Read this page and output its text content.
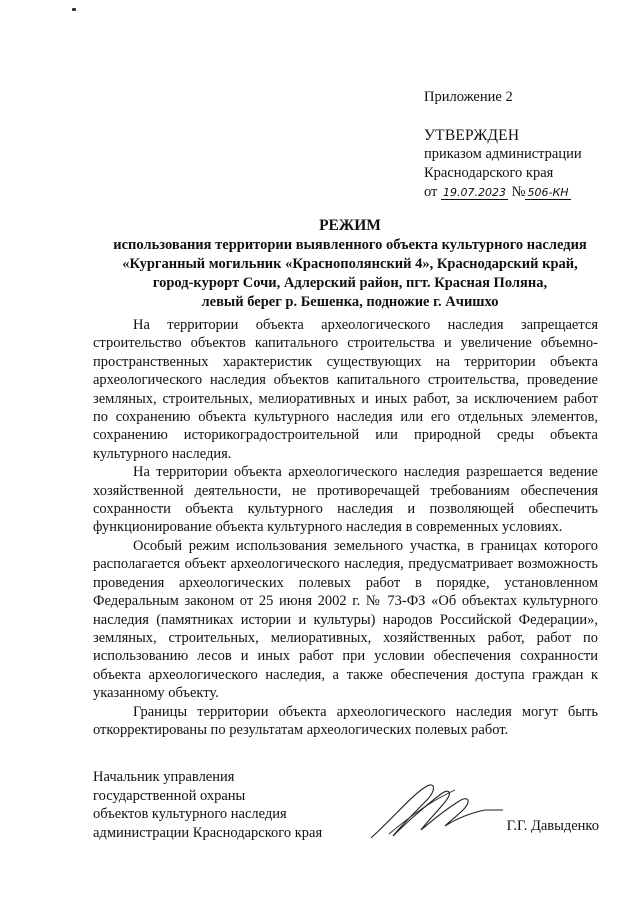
Приложение 2
УТВЕРЖДЕН
приказом администрации
Краснодарского края
от 19.07.2023 № 506-КН
РЕЖИМ
использования территории выявленного объекта культурного наследия
«Курганный могильник «Краснополянский 4», Краснодарский край,
город-курорт Сочи, Адлерский район, пгт. Красная Поляна,
левый берег р. Бешенка, подножие г. Ачишхо

На территории объекта археологического наследия запрещается строительство объектов капитального строительства и увеличение объемно-пространственных характеристик существующих на территории объекта археологического наследия объектов капитального строительства, проведение земляных, строительных, мелиоративных и иных работ, за исключением работ по сохранению объекта культурного наследия или его отдельных элементов, сохранению историкоградостроительной или природной среды объекта культурного наследия.

На территории объекта археологического наследия разрешается ведение хозяйственной деятельности, не противоречащей требованиям обеспечения сохранности объекта культурного наследия и позволяющей обеспечить функционирование объекта культурного наследия в современных условиях.

Особый режим использования земельного участка, в границах которого располагается объект археологического наследия, предусматривает возможность проведения археологических полевых работ в порядке, установленном Федеральным законом от 25 июня 2002 г. № 73-ФЗ «Об объектах культурного наследия (памятниках истории и культуры) народов Российской Федерации», земляных, строительных, мелиоративных, хозяйственных работ, работ по использованию лесов и иных работ при условии обеспечения сохранности объекта археологического наследия, а также обеспечения доступа граждан к указанному объекту.

Границы территории объекта археологического наследия могут быть откорректированы по результатам археологических полевых работ.

Начальник управления
государственной охраны
объектов культурного наследия
администрации Краснодарского края	Г.Г. Давыденко
